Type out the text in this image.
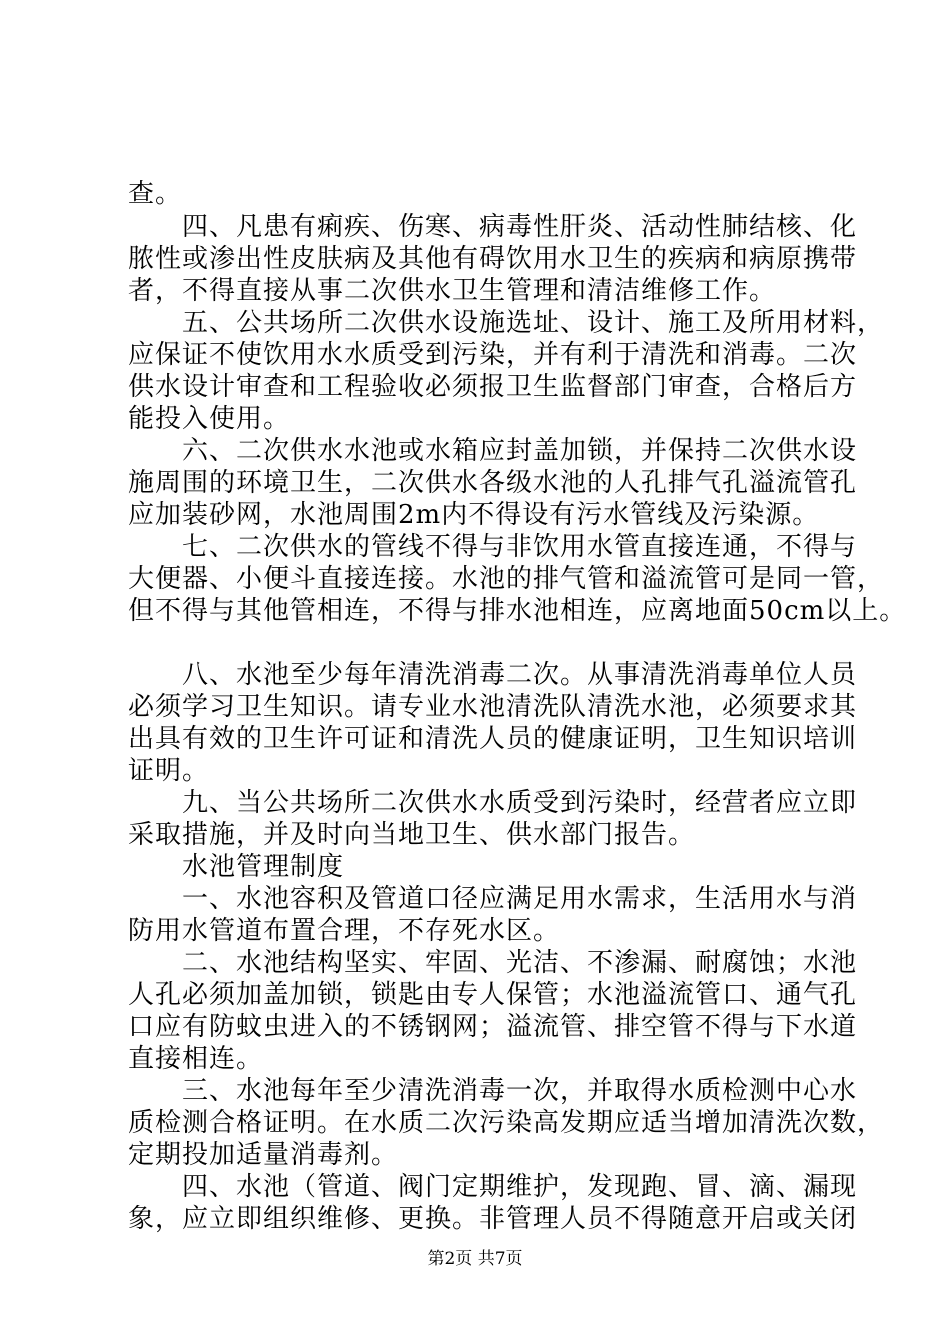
查。
　　四、凡患有痢疾、伤寒、病毒性肝炎、活动性肺结核、化
脓性或渗出性皮肤病及其他有碍饮用水卫生的疾病和病原携带
者，不得直接从事二次供水卫生管理和清洁维修工作。
　　五、公共场所二次供水设施选址、设计、施工及所用材料，
应保证不使饮用水水质受到污染，并有利于清洗和消毒。二次
供水设计审查和工程验收必须报卫生监督部门审查，合格后方
能投入使用。
　　六、二次供水水池或水箱应封盖加锁，并保持二次供水设
施周围的环境卫生，二次供水各级水池的人孔排气孔溢流管孔
应加装砂网，水池周围2m内不得设有污水管线及污染源。
　　七、二次供水的管线不得与非饮用水管直接连通，不得与
大便器、小便斗直接连接。水池的排气管和溢流管可是同一管，
但不得与其他管相连，不得与排水池相连，应离地面50cm以上。
　　八、水池至少每年清洗消毒二次。从事清洗消毒单位人员
必须学习卫生知识。请专业水池清洗队清洗水池，必须要求其
出具有效的卫生许可证和清洗人员的健康证明，卫生知识培训
证明。
　　九、当公共场所二次供水水质受到污染时，经营者应立即
采取措施，并及时向当地卫生、供水部门报告。
　　水池管理制度
　　一、水池容积及管道口径应满足用水需求，生活用水与消
防用水管道布置合理，不存死水区。
　　二、水池结构坚实、牢固、光洁、不渗漏、耐腐蚀；水池
人孔必须加盖加锁，锁匙由专人保管；水池溢流管口、通气孔
口应有防蚊虫进入的不锈钢网；溢流管、排空管不得与下水道
直接相连。
　　三、水池每年至少清洗消毒一次，并取得水质检测中心水
质检测合格证明。在水质二次污染高发期应适当增加清洗次数，
定期投加适量消毒剂。
　　四、水池（管道、阀门定期维护，发现跑、冒、滴、漏现
象，应立即组织维修、更换。非管理人员不得随意开启或关闭
第2页 共7页
